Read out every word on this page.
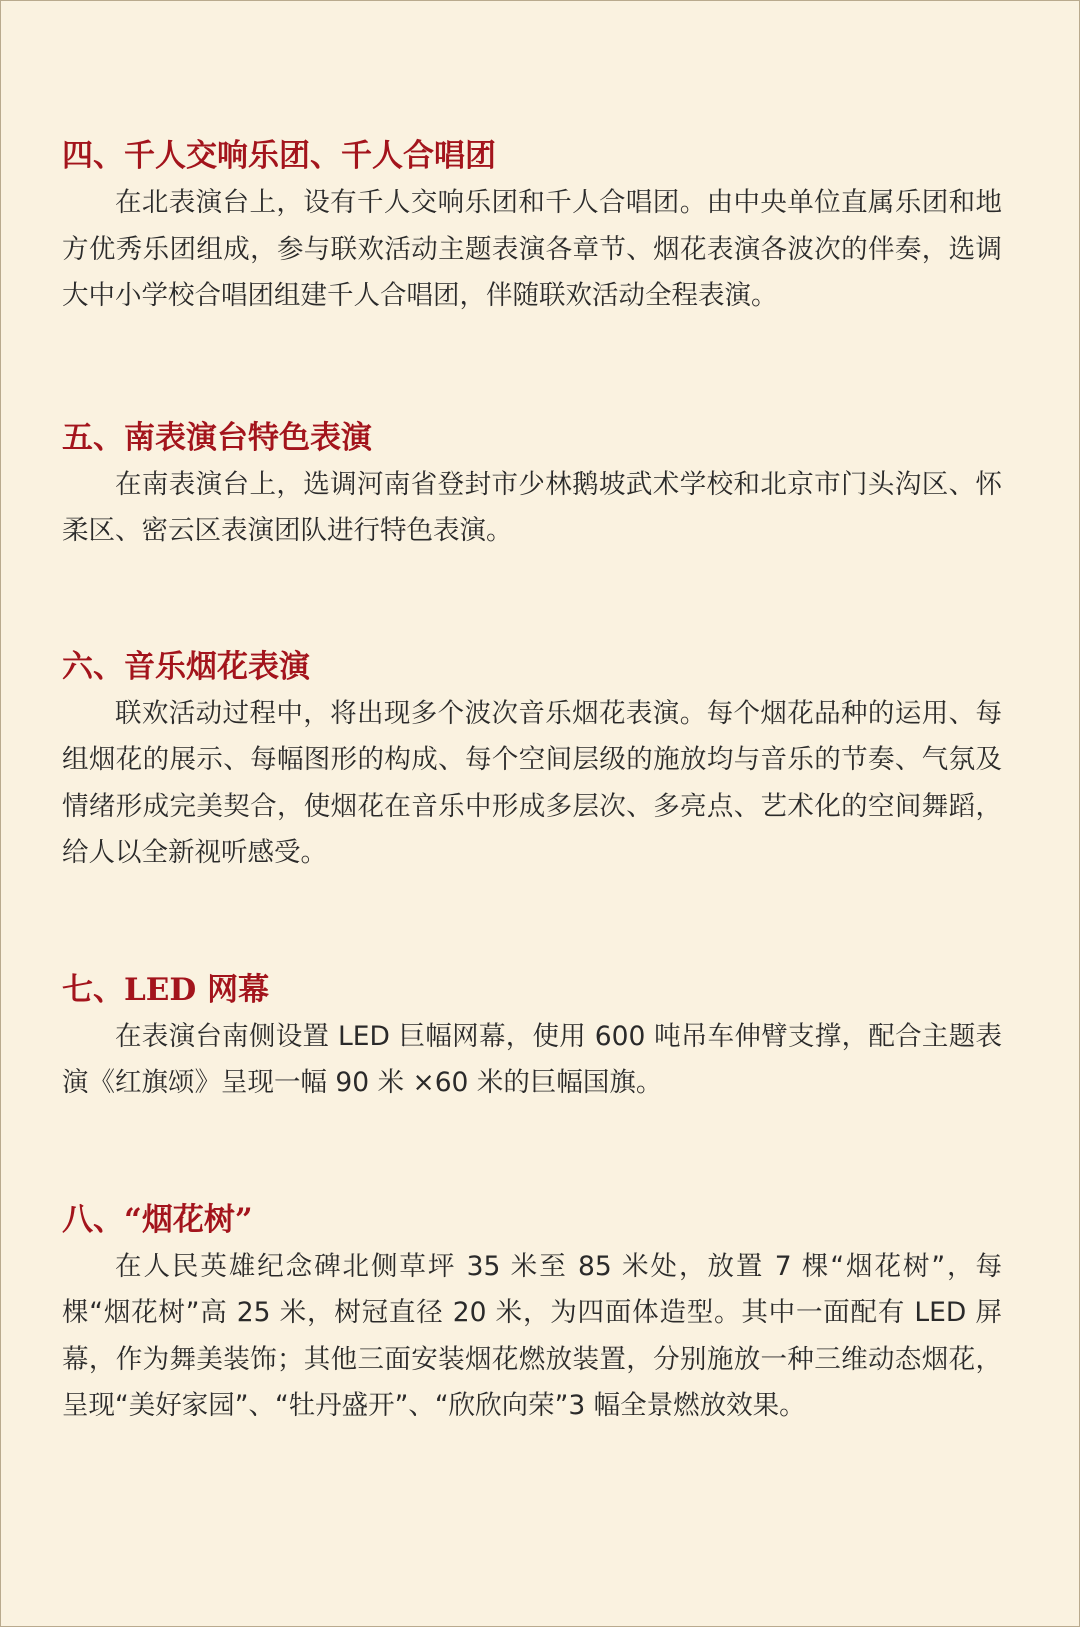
四、千人交响乐团、千人合唱团

在北表演台上，设有千人交响乐团和千人合唱团。由中央单位直属乐团和地方优秀乐团组成，参与联欢活动主题表演各章节、烟花表演各波次的伴奏，选调大中小学校合唱团组建千人合唱团，伴随联欢活动全程表演。

五、南表演台特色表演

在南表演台上，选调河南省登封市少林鹅坡武术学校和北京市门头沟区、怀柔区、密云区表演团队进行特色表演。

六、音乐烟花表演

联欢活动过程中，将出现多个波次音乐烟花表演。每个烟花品种的运用、每组烟花的展示、每幅图形的构成、每个空间层级的施放均与音乐的节奏、气氛及情绪形成完美契合，使烟花在音乐中形成多层次、多亮点、艺术化的空间舞蹈，给人以全新视听感受。

七、LED 网幕

在表演台南侧设置 LED 巨幅网幕，使用 600 吨吊车伸臂支撑，配合主题表演《红旗颂》呈现一幅 90 米 ×60 米的巨幅国旗。

八、“烟花树”

在人民英雄纪念碑北侧草坪 35 米至 85 米处，放置 7 棵“烟花树”，每棵“烟花树”高 25 米，树冠直径 20 米，为四面体造型。其中一面配有 LED 屏幕，作为舞美装饰；其他三面安装烟花燃放装置，分别施放一种三维动态烟花，呈现“美好家园”、“牡丹盛开”、“欣欣向荣”3 幅全景燃放效果。
